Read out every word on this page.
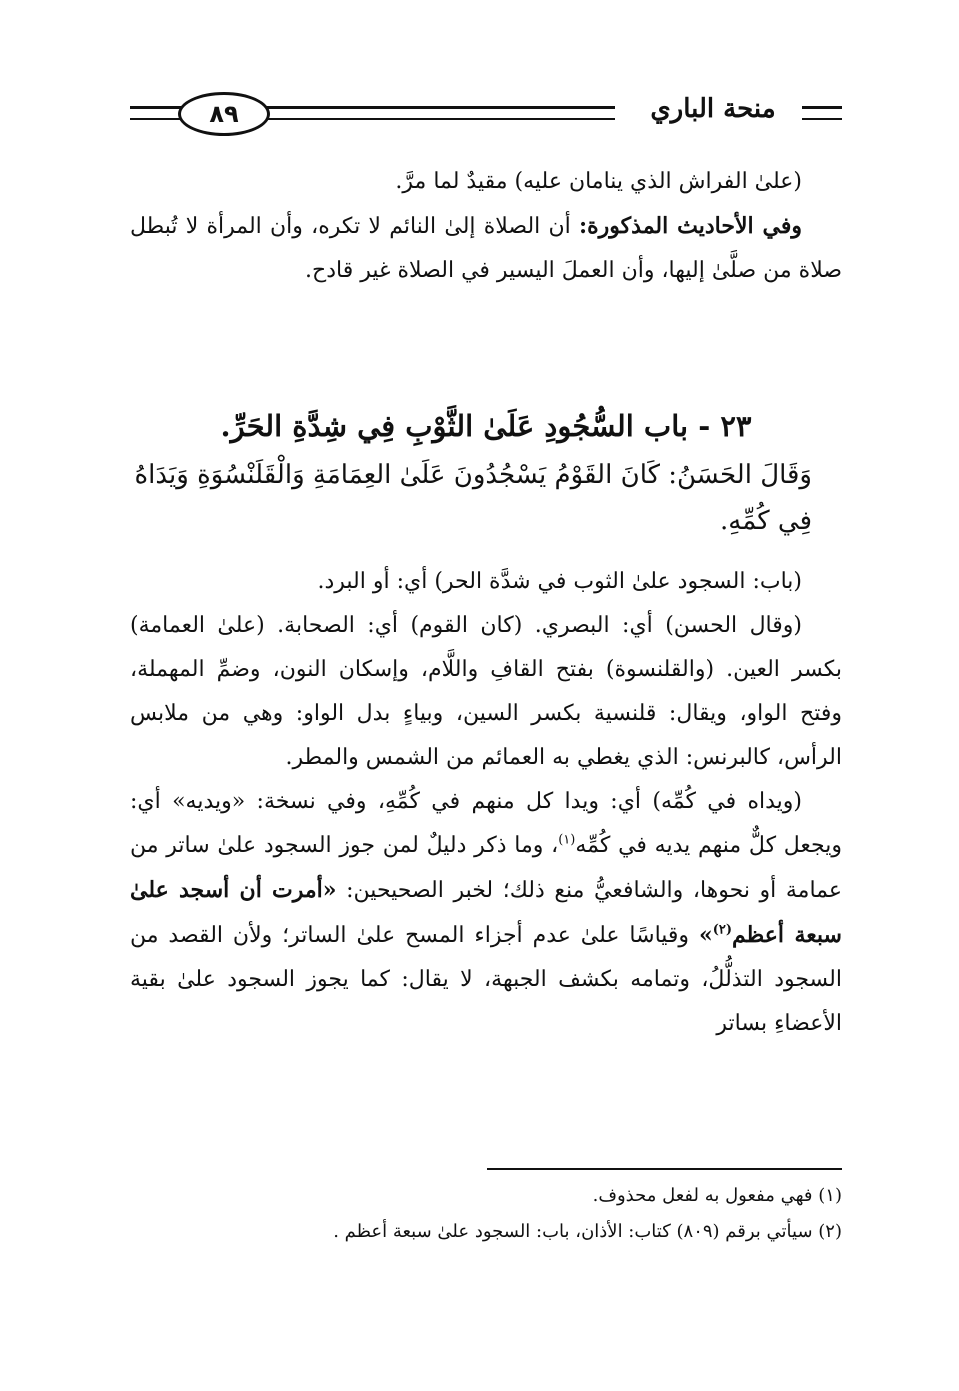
٨٩	منحة الباري

(علىٰ الفراش الذي ينامان عليه) مقيدٌ لما مرَّ.

وفي الأحاديث المذكورة: أن الصلاة إلىٰ النائم لا تكره، وأن المرأة لا تُبطل صلاة من صلَّىٰ إليها، وأن العملَ اليسير في الصلاة غير قادح.

٢٣ - باب السُّجُودِ عَلَىٰ الثَّوْبِ فِي شِدَّةِ الحَرِّ.
وَقَالَ الحَسَنُ: كَانَ القَوْمُ يَسْجُدُونَ عَلَىٰ العِمَامَةِ وَالْقَلَنْسُوَةِ وَيَدَاهُ فِي كُمِّهِ.

(باب: السجود علىٰ الثوب في شدَّة الحر) أي: أو البرد.

(وقال الحسن) أي: البصري. (كان القوم) أي: الصحابة. (علىٰ العمامة) بكسر العين. (والقلنسوة) بفتح القافِ واللَّام، وإسكان النون، وضمِّ المهملة، وفتح الواو، ويقال: قلنسية بكسر السين، وبياءٍ بدل الواو: وهي من ملابس الرأس، كالبرنس: الذي يغطي به العمائم من الشمس والمطر.

(ويداه في كُمِّه) أي: ويدا كل منهم في كُمِّهِ، وفي نسخة: «ويديه» أي: ويجعل كلٌّ منهم يديه في كُمِّه$^{(١)}$، وما ذكر دليلٌ لمن جوز السجود علىٰ ساتر من عمامة أو نحوها، والشافعيُّ منع ذلك؛ لخبر الصحيحين: «أمرت أن أسجد علىٰ سبعة أعظم$^{(٢)}$» وقياسًا علىٰ عدم أجزاء المسح علىٰ الساتر؛ ولأن القصد من السجود التذلُّلُ، وتمامه بكشف الجبهة، لا يقال: كما يجوز السجود علىٰ بقية الأعضاءِ بساتر

(١) فهي مفعول به لفعل محذوف.

(٢) سيأتي برقم (٨٠٩) كتاب: الأذان، باب: السجود علىٰ سبعة أعظم .
